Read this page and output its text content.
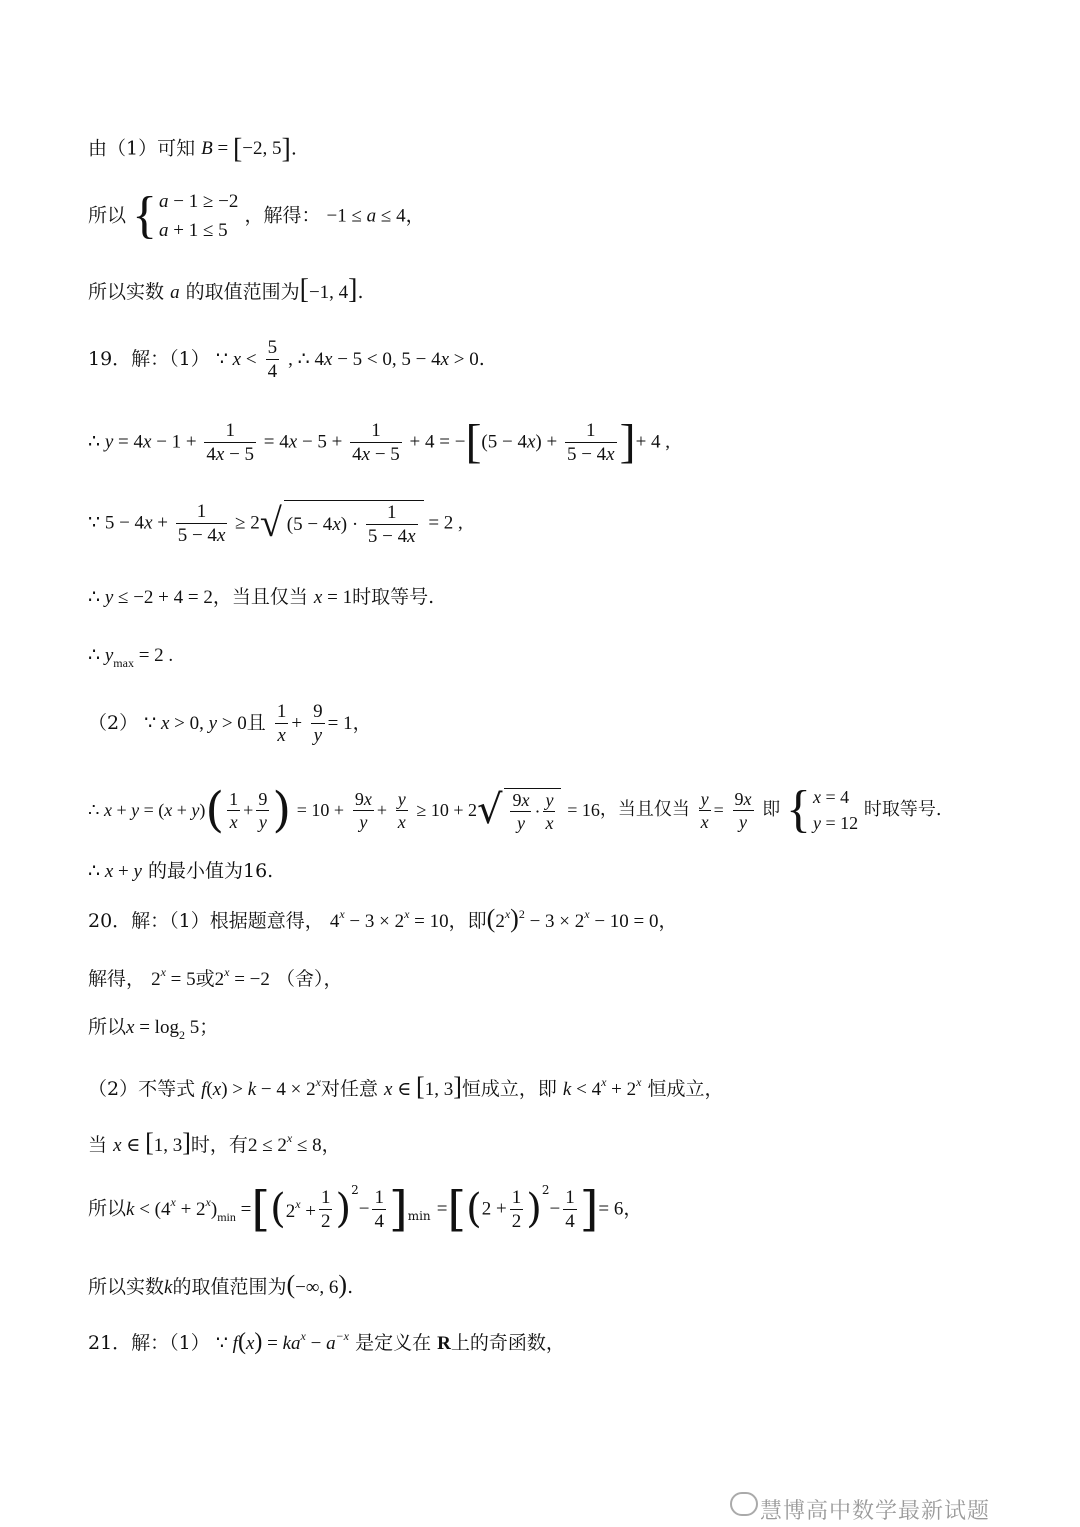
由（1）可知 B = [−2, 5].
所以 { a − 1 ≥ −2
a + 1 ≤ 5
，解得： −1 ≤ a ≤ 4，
所以实数 a 的取值范围为[−1, 4].
19．解：（1） ∵ $x < \frac{5}{4}$ , ∴ 4x − 5 < 0, 5 − 4x > 0.
∴ $y = 4x - 1 + \frac{1}{4x - 5} = 4x - 5 + \frac{1}{4x - 5} + 4 = -[(5 - 4x) + \frac{1}{5 - 4x}$ ]+ 4 ,
∵ $5 - 4x + \frac{1}{5 - 4x} \ge 2√$ $(5 - 4x) \cdot \frac{1}{5 - 4x} = 2$ ,
∴ y ≤ −2 + 4 = 2，当且仅当 x = 1时取等号.
∴ $y_{max} = 2$ .
（2） ∵ x > 0, y > 0且 $\frac{1}{x} + \frac{9}{y} = 1$，
∴ $x + y = (x + y)( \frac{1}{x} + \frac{9}{y}$ ) = $10 + \frac{9x}{y} + \frac{y}{x} \ge 10 + 2√ \frac{9x}{y} \cdot \frac{y}{x} = 16$，当且仅当 $\frac{y}{x} = \frac{9x}{y}$ 即 { x = 4
y = 12
时取等号.
∴ x + y 的最小值为16.
20．解：（1）根据题意得， $4^x - 3 \times 2^x = 10$，即$(2^x)^2 - 3 \times 2^x - 10 = 0$，
解得， $2^x = 5$或$2^x = -2$ （舍），
所以$x = \log_2 5$；
（2）不等式 $f(x) > k - 4 \times 2^x$对任意 x ∈ [1, 3]恒成立，即 $k < 4^x + 2^x$ 恒成立，
当 x ∈ [1, 3]时，有$2 \le 2^x \le 8$，
所以$k < (4^x + 2^x)_{min} =[(2^x + \frac{1}{2} )^2- \frac{1}{4} ]_{min} =[(2 + \frac{1}{2} )^2- \frac{1}{4}$ ]= 6，
所以实数k的取值范围为(−∞, 6).
21．解：（1） ∵ $f(x) = ka^x - a^{-x}$ 是定义在 R上的奇函数，
慧博高中数学最新试题
